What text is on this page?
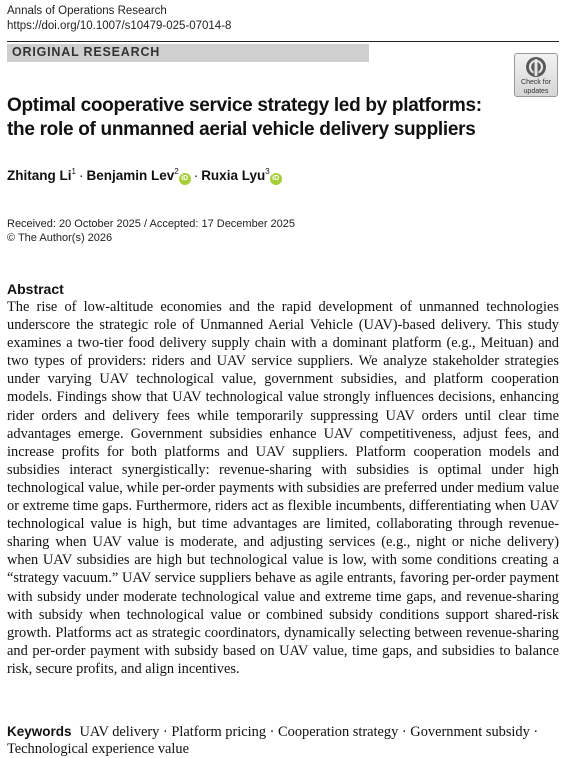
Annals of Operations Research
https://doi.org/10.1007/s10479-025-07014-8
ORIGINAL RESEARCH
Check for
updates
Optimal cooperative service strategy led by platforms: the role of unmanned aerial vehicle delivery suppliers
Zhitang $Li^1$ · Benjamin Lev$^2$iD · Ruxia Lyu$^3$iD
Received: 20 October 2025 / Accepted: 17 December 2025
© The Author(s) 2026
Abstract

The rise of low-altitude economies and the rapid development of unmanned technologies underscore the strategic role of Unmanned Aerial Vehicle (UAV)-based delivery. This study examines a two-tier food delivery supply chain with a dominant platform (e.g., Meituan) and two types of providers: riders and UAV service suppliers. We analyze stakeholder strategies under varying UAV technological value, government subsidies, and platform cooperation models. Findings show that UAV technological value strongly influences decisions, enhancing rider orders and delivery fees while temporarily suppressing UAV orders until clear time advantages emerge. Government subsidies enhance UAV competitiveness, adjust fees, and increase profits for both platforms and UAV suppliers. Platform cooperation models and subsidies interact synergistically: revenue-sharing with subsidies is optimal under high technological value, while per-order payments with subsidies are preferred under medium value or extreme time gaps. Furthermore, riders act as flexible incumbents, differentiating when UAV technological value is high, but time advantages are limited, collaborating through revenue-sharing when UAV value is moderate, and adjusting services (e.g., night or niche delivery) when UAV subsidies are high but technological value is low, with some conditions creating a “strategy vacuum.” UAV service suppliers behave as agile entrants, favoring per-order payment with subsidy under moderate technological value and extreme time gaps, and revenue-sharing with subsidy when technological value or combined subsidy conditions support shared-risk growth. Platforms act as strategic coordinators, dynamically selecting between revenue-sharing and per-order payment with subsidy based on UAV value, time gaps, and subsidies to balance risk, secure profits, and align incentives.

Keywords UAV delivery · Platform pricing · Cooperation strategy · Government subsidy · Technological experience value
